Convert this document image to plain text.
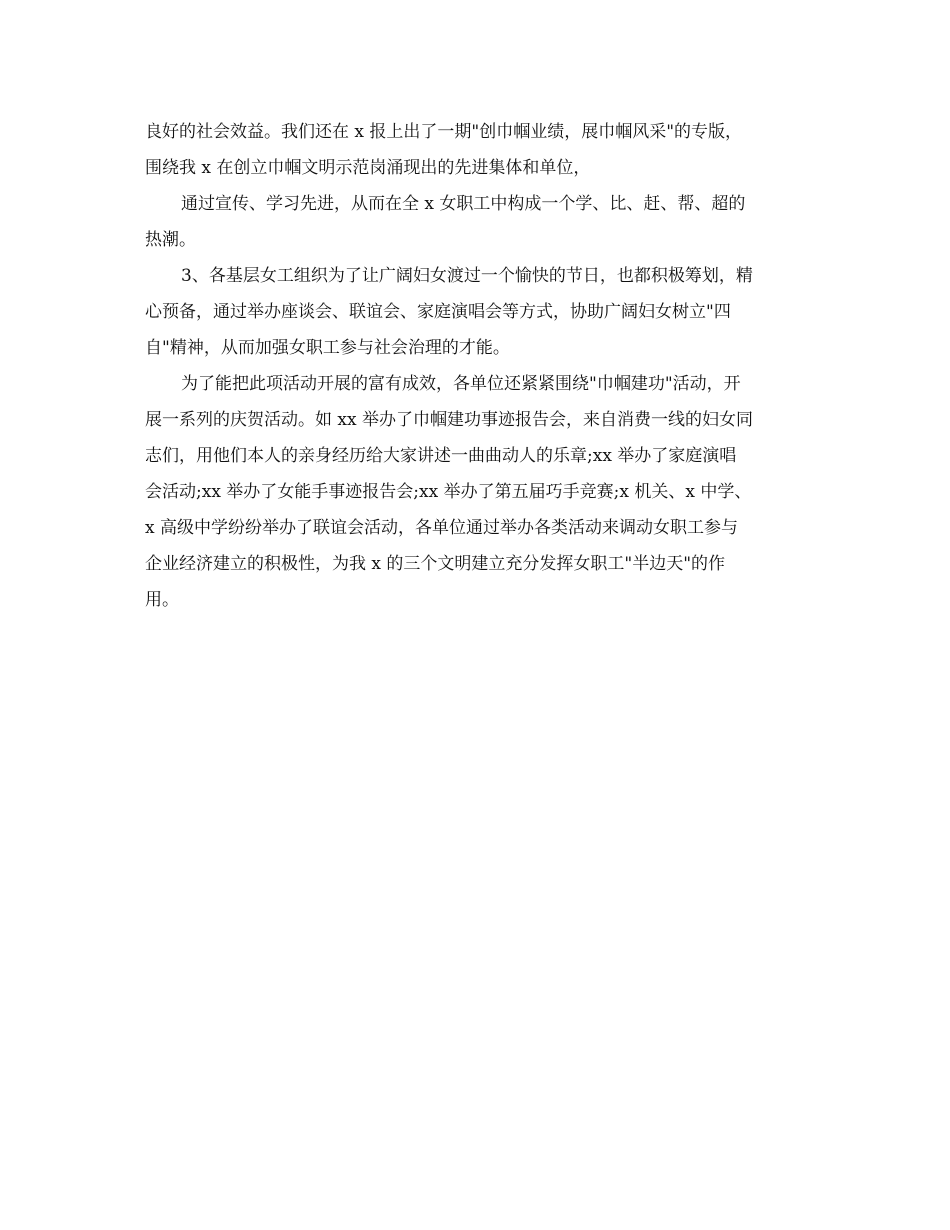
良好的社会效益。我们还在 x 报上出了一期"创巾帼业绩，展巾帼风采"的专版，
围绕我 x 在创立巾帼文明示范岗涌现出的先进集体和单位，
通过宣传、学习先进，从而在全 x 女职工中构成一个学、比、赶、帮、超的
热潮。
3、各基层女工组织为了让广阔妇女渡过一个愉快的节日，也都积极筹划，精
心预备，通过举办座谈会、联谊会、家庭演唱会等方式，协助广阔妇女树立"四
自"精神，从而加强女职工参与社会治理的才能。
为了能把此项活动开展的富有成效，各单位还紧紧围绕"巾帼建功"活动，开
展一系列的庆贺活动。如 xx 举办了巾帼建功事迹报告会，来自消费一线的妇女同
志们，用他们本人的亲身经历给大家讲述一曲曲动人的乐章;xx 举办了家庭演唱
会活动;xx 举办了女能手事迹报告会;xx 举办了第五届巧手竞赛;x 机关、x 中学、
x 高级中学纷纷举办了联谊会活动，各单位通过举办各类活动来调动女职工参与
企业经济建立的积极性，为我 x 的三个文明建立充分发挥女职工"半边天"的作
用。
